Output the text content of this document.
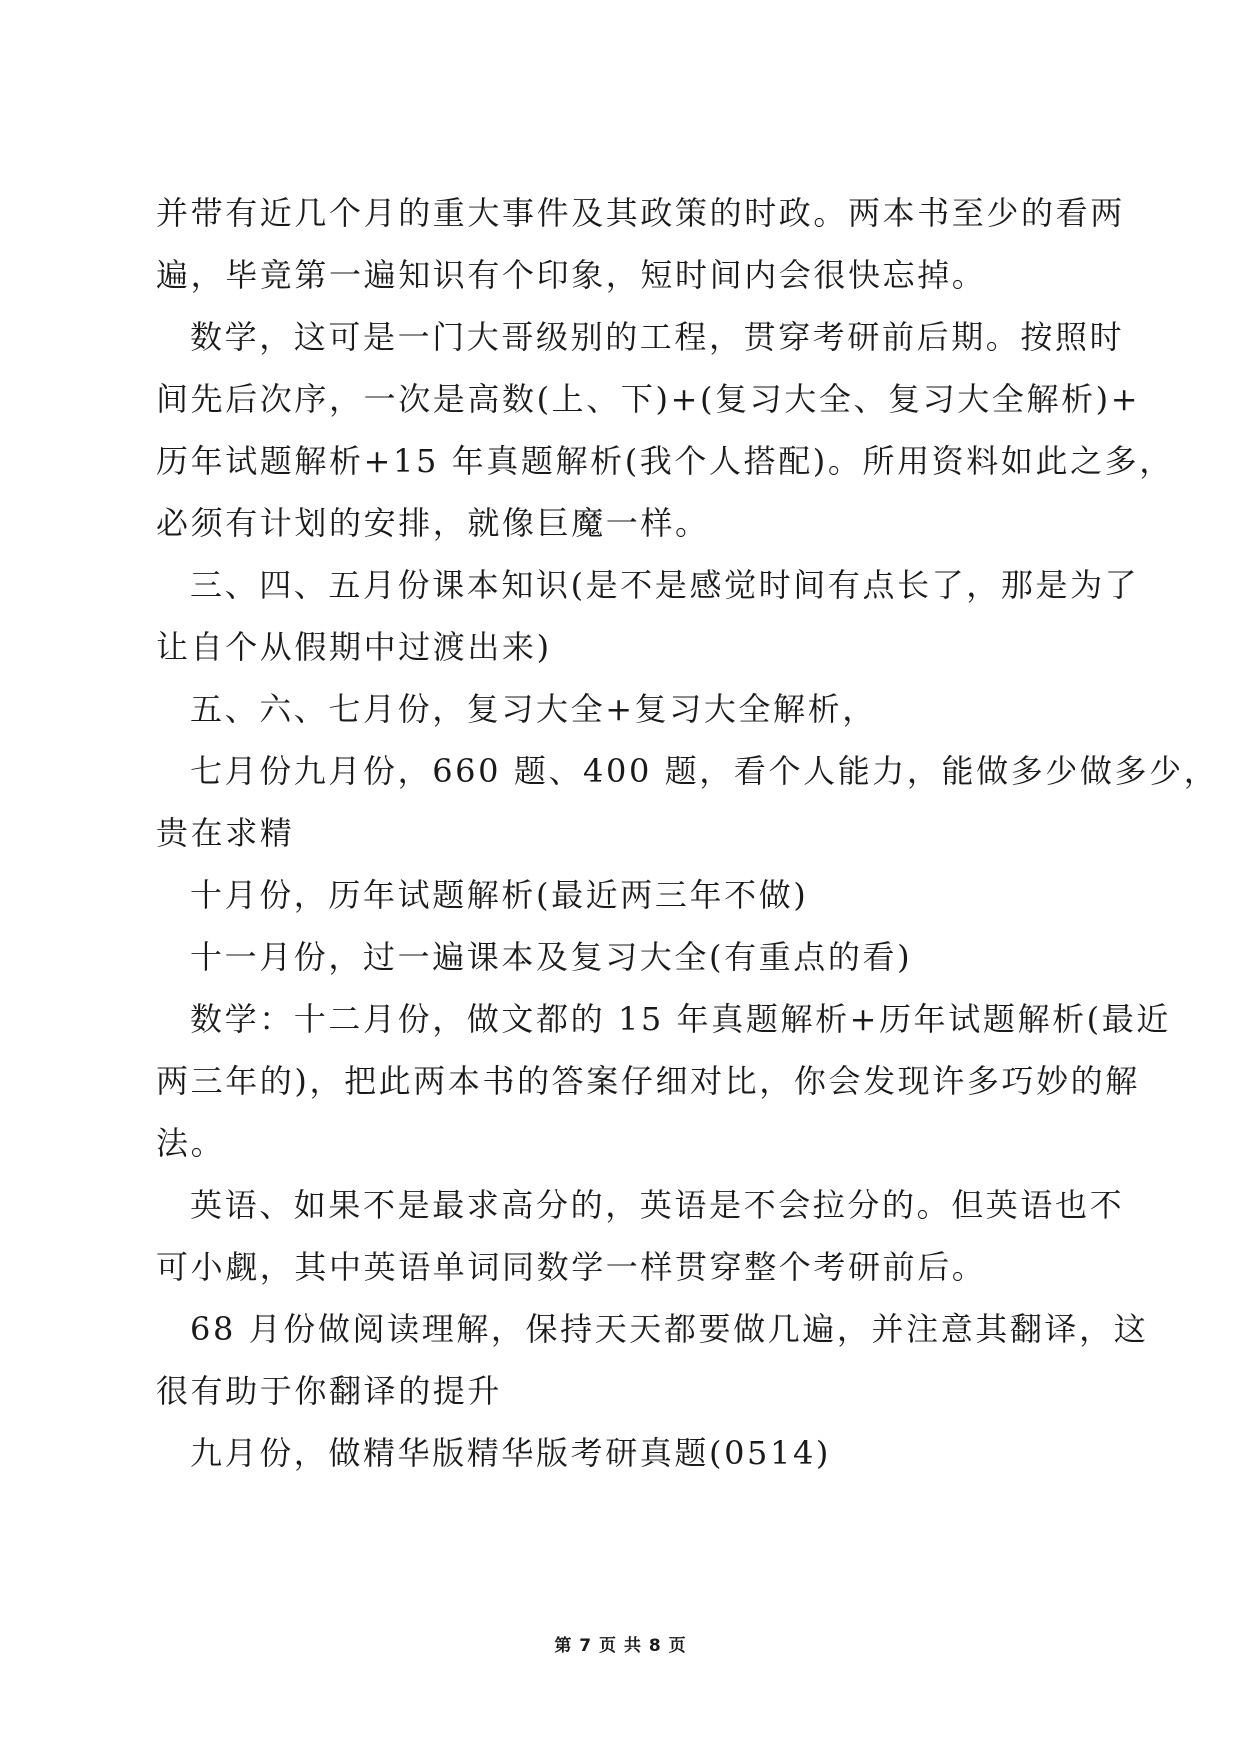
并带有近几个月的重大事件及其政策的时政。两本书至少的看两
遍，毕竟第一遍知识有个印象，短时间内会很快忘掉。
数学，这可是一门大哥级别的工程，贯穿考研前后期。按照时
间先后次序，一次是高数(上、下)+(复习大全、复习大全解析)+
历年试题解析+15 年真题解析(我个人搭配)。所用资料如此之多，
必须有计划的安排，就像巨魔一样。
三、四、五月份课本知识(是不是感觉时间有点长了，那是为了
让自个从假期中过渡出来)
五、六、七月份，复习大全+复习大全解析，
七月份九月份，660 题、400 题，看个人能力，能做多少做多少，
贵在求精
十月份，历年试题解析(最近两三年不做)
十一月份，过一遍课本及复习大全(有重点的看)
数学：十二月份，做文都的 15 年真题解析+历年试题解析(最近
两三年的)，把此两本书的答案仔细对比，你会发现许多巧妙的解
法。
英语、如果不是最求高分的，英语是不会拉分的。但英语也不
可小觑，其中英语单词同数学一样贯穿整个考研前后。
68 月份做阅读理解，保持天天都要做几遍，并注意其翻译，这
很有助于你翻译的提升
九月份，做精华版精华版考研真题(0514)
第 7 页 共 8 页
